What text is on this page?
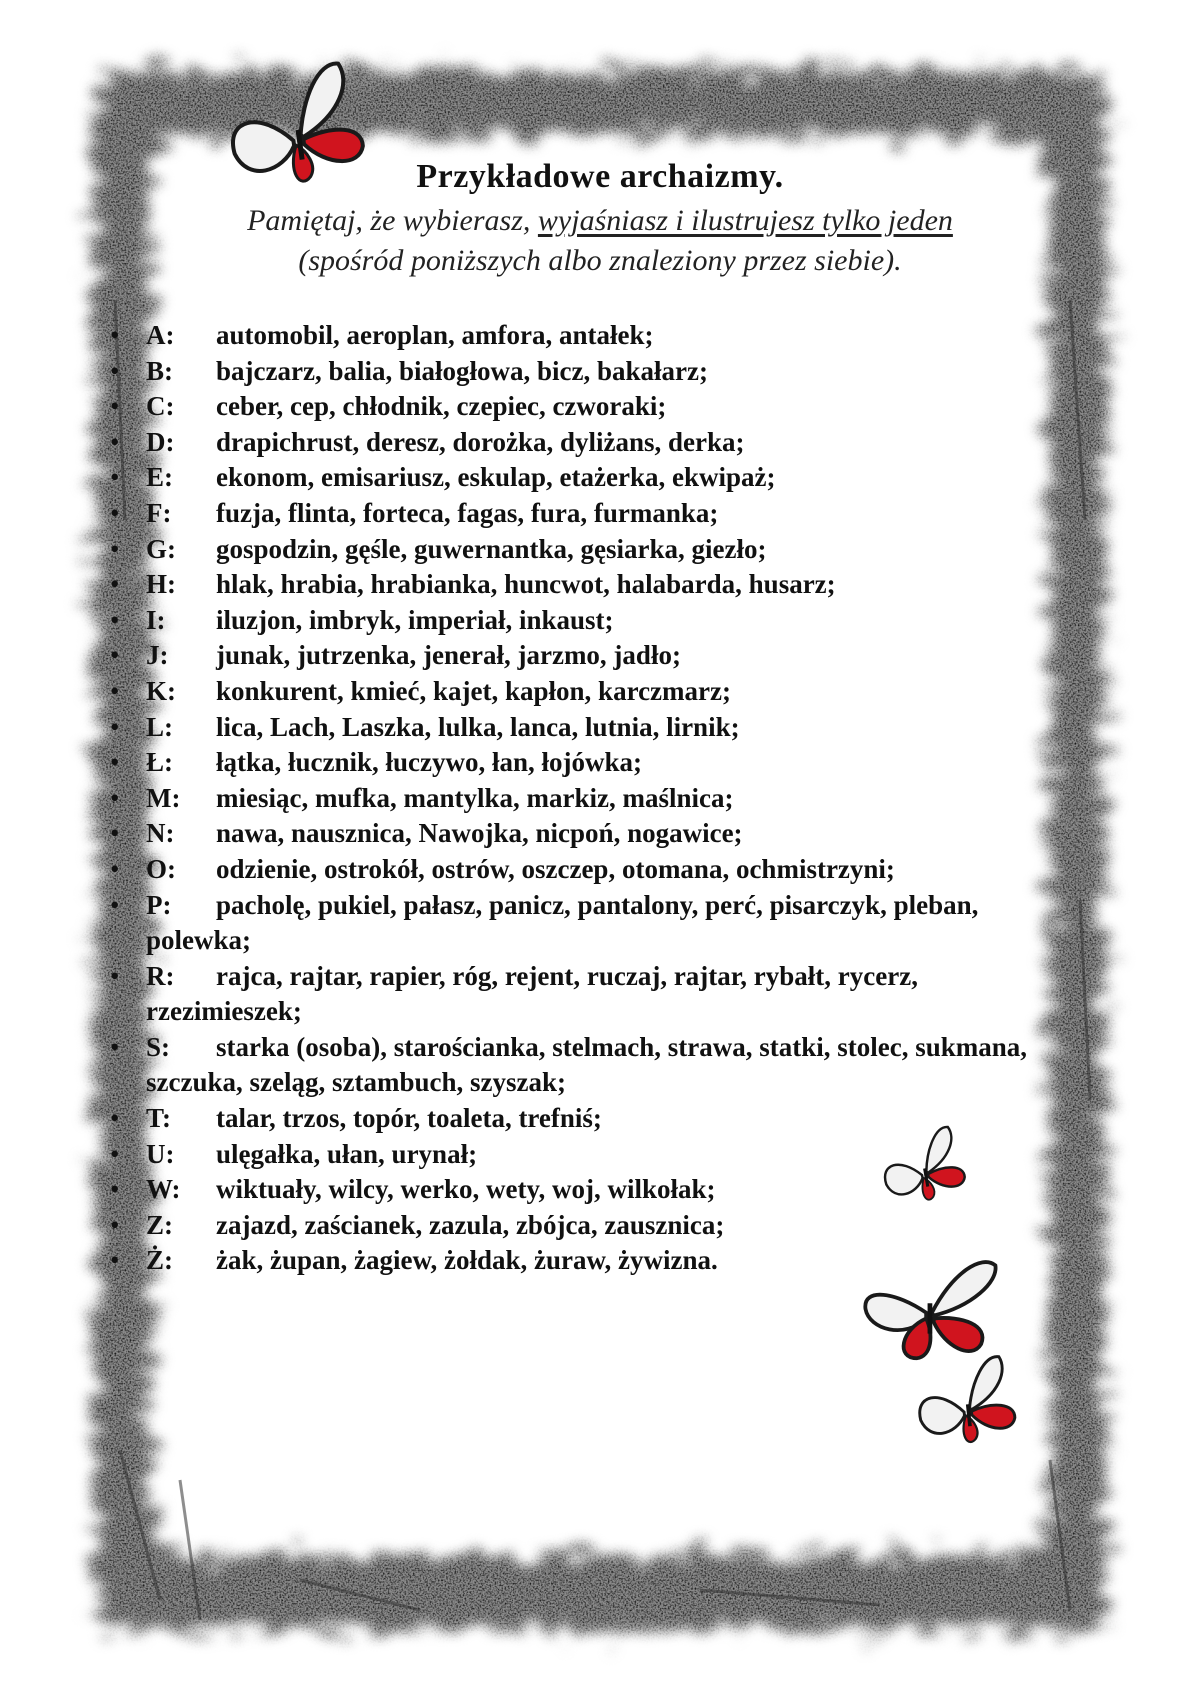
Przykładowe archaizmy.
Pamiętaj, że wybierasz, wyjaśniasz i ilustrujesz tylko jeden
(spośród poniższych albo znaleziony przez siebie).
• A: automobil, aeroplan, amfora, antałek;
• B: bajczarz, balia, białogłowa, bicz, bakałarz;
• C: ceber, cep, chłodnik, czepiec, czworaki;
• D: drapichrust, deresz, dorożka, dyliżans, derka;
• E: ekonom, emisariusz, eskulap, etażerka, ekwipaż;
• F: fuzja, flinta, forteca, fagas, fura, furmanka;
• G: gospodzin, gęśle, guwernantka, gęsiarka, giezło;
• H: hlak, hrabia, hrabianka, huncwot, halabarda, husarz;
• I: iluzjon, imbryk, imperiał, inkaust;
• J: junak, jutrzenka, jenerał, jarzmo, jadło;
• K: konkurent, kmieć, kajet, kapłon, karczmarz;
• L: lica, Lach, Laszka, lulka, lanca, lutnia, lirnik;
• Ł: łątka, łucznik, łuczywo, łan, łojówka;
• M: miesiąc, mufka, mantylka, markiz, maślnica;
• N: nawa, nausznica, Nawojka, nicpoń, nogawice;
• O: odzienie, ostrokół, ostrów, oszczep, otomana, ochmistrzyni;
• P: pacholę, pukiel, pałasz, panicz, pantalony, perć, pisarczyk, pleban,
polewka;
• R: rajca, rajtar, rapier, róg, rejent, ruczaj, rajtar, rybałt, rycerz,
rzezimieszek;
• S: starka (osoba), starościanka, stelmach, strawa, statki, stolec, sukmana,
szczuka, szeląg, sztambuch, szyszak;
• T: talar, trzos, topór, toaleta, trefniś;
• U: ulęgałka, ułan, urynał;
• W: wiktuały, wilcy, werko, wety, woj, wilkołak;
• Z: zajazd, zaścianek, zazula, zbójca, zausznica;
• Ż: żak, żupan, żagiew, żołdak, żuraw, żywizna.
